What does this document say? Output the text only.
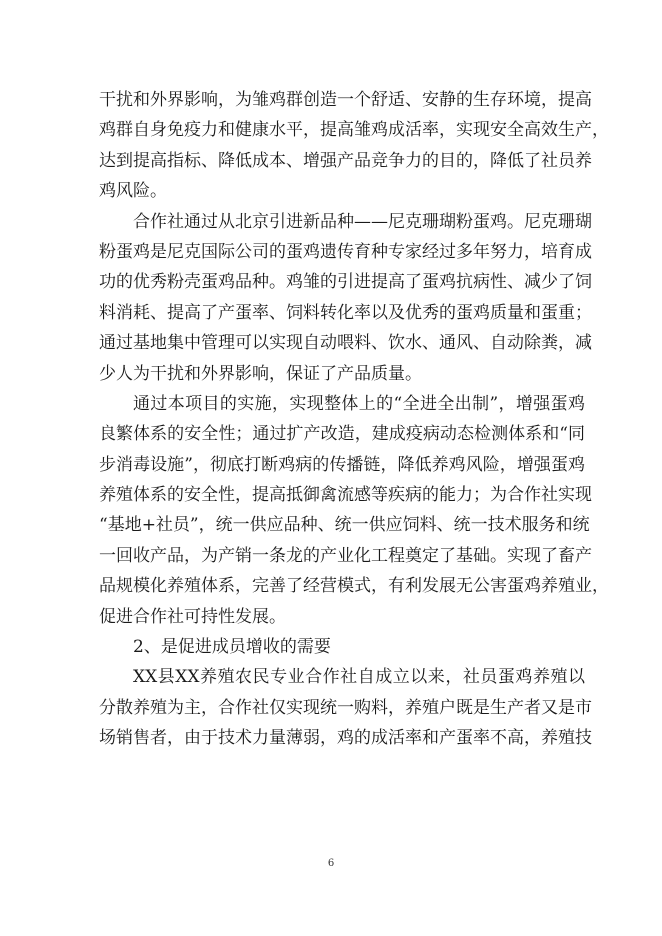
干扰和外界影响，为雏鸡群创造一个舒适、安静的生存环境，提高
鸡群自身免疫力和健康水平，提高雏鸡成活率，实现安全高效生产，
达到提高指标、降低成本、增强产品竞争力的目的，降低了社员养
鸡风险。
合作社通过从北京引进新品种——尼克珊瑚粉蛋鸡。尼克珊瑚
粉蛋鸡是尼克国际公司的蛋鸡遗传育种专家经过多年努力，培育成
功的优秀粉壳蛋鸡品种。鸡雏的引进提高了蛋鸡抗病性、减少了饲
料消耗、提高了产蛋率、饲料转化率以及优秀的蛋鸡质量和蛋重；
通过基地集中管理可以实现自动喂料、饮水、通风、自动除粪，减
少人为干扰和外界影响，保证了产品质量。
通过本项目的实施，实现整体上的“全进全出制”，增强蛋鸡
良繁体系的安全性；通过扩产改造，建成疫病动态检测体系和“同
步消毒设施”，彻底打断鸡病的传播链，降低养鸡风险，增强蛋鸡
养殖体系的安全性，提高抵御禽流感等疾病的能力；为合作社实现
“基地+社员”，统一供应品种、统一供应饲料、统一技术服务和统
一回收产品，为产销一条龙的产业化工程奠定了基础。实现了畜产
品规模化养殖体系，完善了经营模式，有利发展无公害蛋鸡养殖业，
促进合作社可持性发展。
2、是促进成员增收的需要
XX县XX养殖农民专业合作社自成立以来，社员蛋鸡养殖以
分散养殖为主，合作社仅实现统一购料，养殖户既是生产者又是市
场销售者，由于技术力量薄弱，鸡的成活率和产蛋率不高，养殖技
6
